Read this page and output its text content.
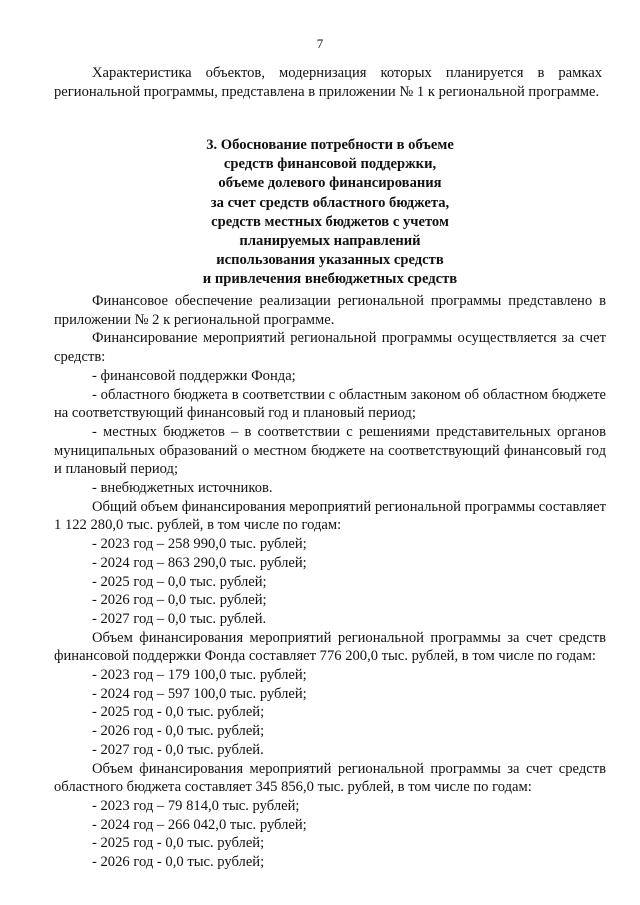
7

Характеристика объектов, модернизация которых планируется в рамках региональной программы, представлена в приложении № 1 к региональной программе.

3. Обоснование потребности в объеме
средств финансовой поддержки,
объеме долевого финансирования
за счет средств областного бюджета,
средств местных бюджетов с учетом
планируемых направлений
использования указанных средств
и привлечения внебюджетных средств

Финансовое обеспечение реализации региональной программы представлено в приложении № 2 к региональной программе.

Финансирование мероприятий региональной программы осуществляется за счет средств:

- финансовой поддержки Фонда;

- областного бюджета в соответствии с областным законом об областном бюджете на соответствующий финансовый год и плановый период;

- местных бюджетов – в соответствии с решениями представительных органов муниципальных образований о местном бюджете на соответствующий финансовый год и плановый период;

- внебюджетных источников.

Общий объем финансирования мероприятий региональной программы составляет 1 122 280,0 тыс. рублей, в том числе по годам:

- 2023 год – 258 990,0 тыс. рублей;

- 2024 год – 863 290,0 тыс. рублей;

- 2025 год – 0,0 тыс. рублей;

- 2026 год – 0,0 тыс. рублей;

- 2027 год – 0,0 тыс. рублей.

Объем финансирования мероприятий региональной программы за счет средств финансовой поддержки Фонда составляет 776 200,0 тыс. рублей, в том числе по годам:

- 2023 год – 179 100,0 тыс. рублей;

- 2024 год – 597 100,0 тыс. рублей;

- 2025 год - 0,0 тыс. рублей;

- 2026 год - 0,0 тыс. рублей;

- 2027 год - 0,0 тыс. рублей.

Объем финансирования мероприятий региональной программы за счет средств областного бюджета составляет 345 856,0 тыс. рублей, в том числе по годам:

- 2023 год – 79 814,0 тыс. рублей;

- 2024 год – 266 042,0 тыс. рублей;

- 2025 год - 0,0 тыс. рублей;

- 2026 год - 0,0 тыс. рублей;
